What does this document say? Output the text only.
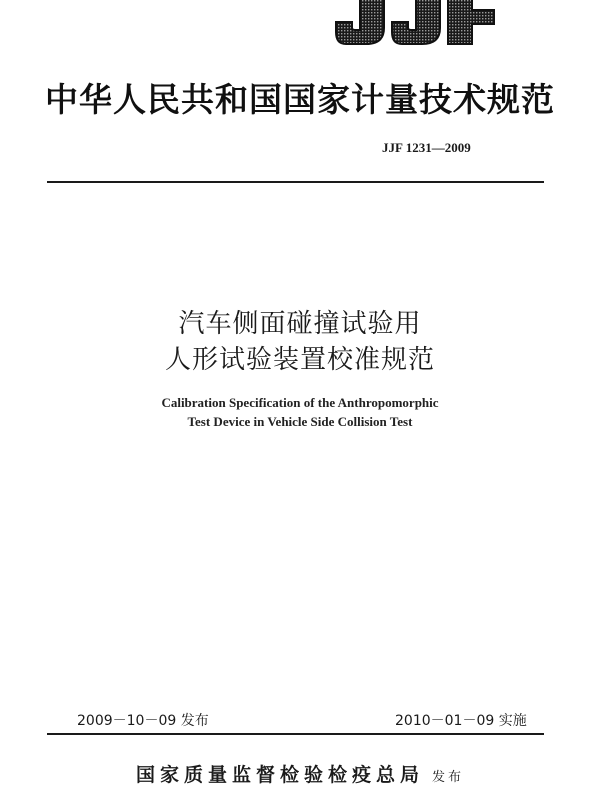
中华人民共和国国家计量技术规范
JJF 1231—2009
汽车侧面碰撞试验用
人形试验装置校准规范
Calibration Specification of the Anthropomorphic
Test Device in Vehicle Side Collision Test
2009－10－09 发布	2010－01－09 实施
国家质量监督检验检疫总局 发布
